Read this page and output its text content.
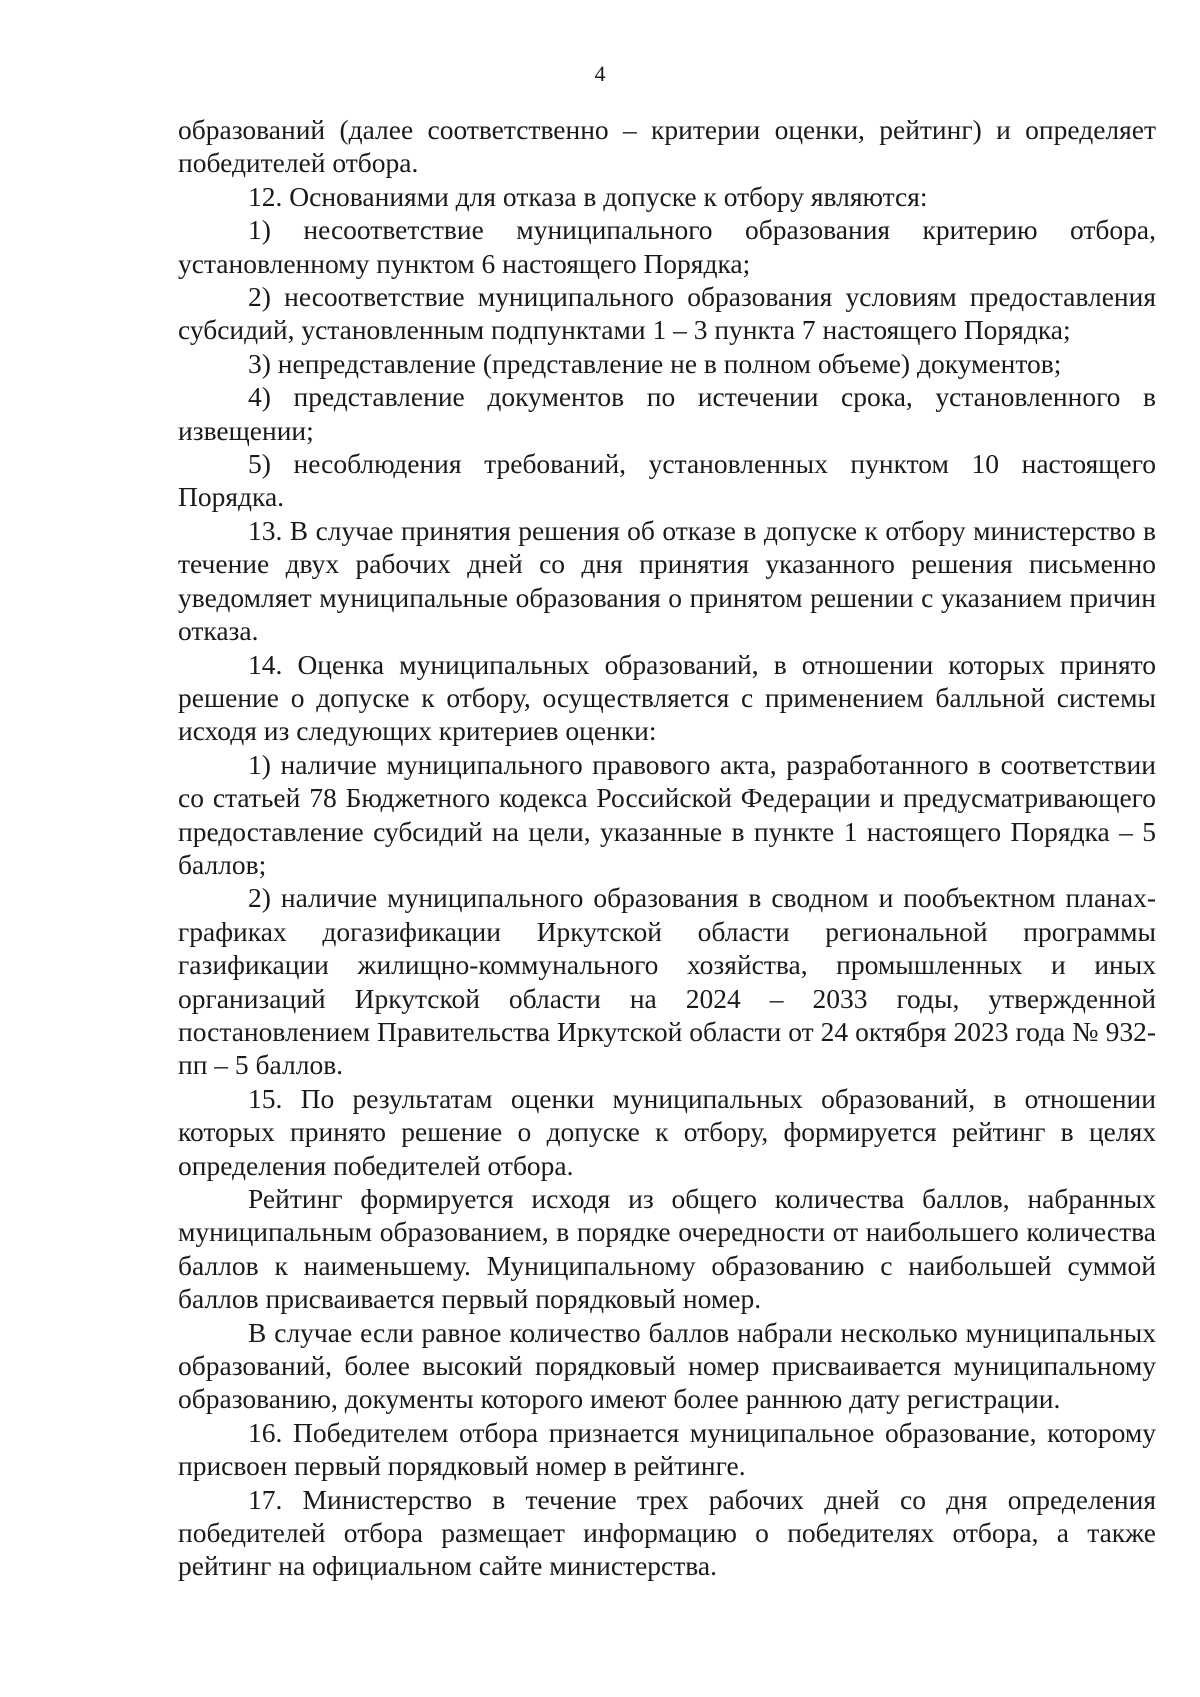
4

образований (далее соответственно – критерии оценки, рейтинг) и определяет победителей отбора.

12. Основаниями для отказа в допуске к отбору являются:

1) несоответствие муниципального образования критерию отбора, установленному пунктом 6 настоящего Порядка;

2) несоответствие муниципального образования условиям предоставления субсидий, установленным подпунктами 1 – 3 пункта 7 настоящего Порядка;

3) непредставление (представление не в полном объеме) документов;

4) представление документов по истечении срока, установленного в извещении;

5) несоблюдения требований, установленных пунктом 10 настоящего Порядка.

13. В случае принятия решения об отказе в допуске к отбору министерство в течение двух рабочих дней со дня принятия указанного решения письменно уведомляет муниципальные образования о принятом решении с указанием причин отказа.

14. Оценка муниципальных образований, в отношении которых принято решение о допуске к отбору, осуществляется с применением балльной системы исходя из следующих критериев оценки:

1) наличие муниципального правового акта, разработанного в соответствии со статьей 78 Бюджетного кодекса Российской Федерации и предусматривающего предоставление субсидий на цели, указанные в пункте 1 настоящего Порядка – 5 баллов;

2) наличие муниципального образования в сводном и пообъектном планах-графиках догазификации Иркутской области региональной программы газификации жилищно-коммунального хозяйства, промышленных и иных организаций Иркутской области на 2024 – 2033 годы, утвержденной постановлением Правительства Иркутской области от 24 октября 2023 года № 932-пп – 5 баллов.

15. По результатам оценки муниципальных образований, в отношении которых принято решение о допуске к отбору, формируется рейтинг в целях определения победителей отбора.

Рейтинг формируется исходя из общего количества баллов, набранных муниципальным образованием, в порядке очередности от наибольшего количества баллов к наименьшему. Муниципальному образованию с наибольшей суммой баллов присваивается первый порядковый номер.

В случае если равное количество баллов набрали несколько муниципальных образований, более высокий порядковый номер присваивается муниципальному образованию, документы которого имеют более раннюю дату регистрации.

16. Победителем отбора признается муниципальное образование, которому присвоен первый порядковый номер в рейтинге.

17. Министерство в течение трех рабочих дней со дня определения победителей отбора размещает информацию о победителях отбора, а также рейтинг на официальном сайте министерства.
